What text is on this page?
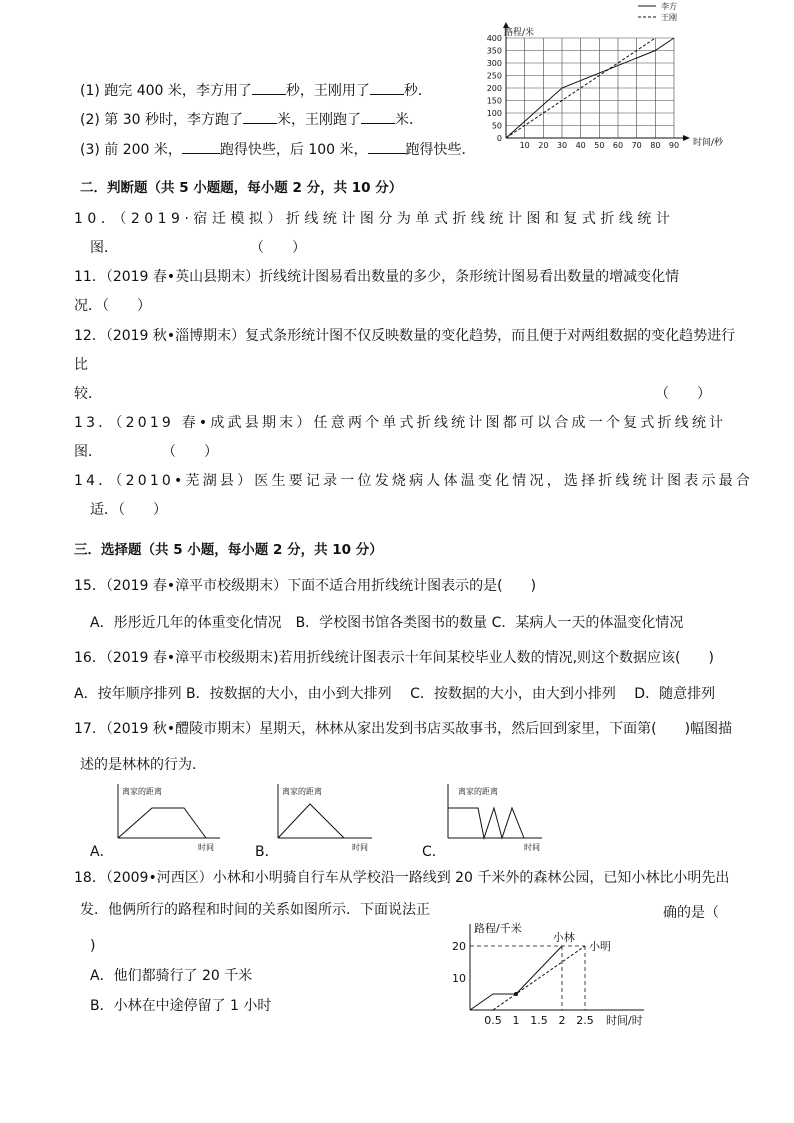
10 20 30 40 50 60 70 80 90
0
50
100
150
200
250
300
350
400
李方
王刚
路程/米
时间/秒
(1) 跑完 400 米，李方用了 秒，王刚用了 秒．
(2) 第 30 秒时，李方跑了 米，王刚跑了 米．
(3) 前 200 米，	跑得快些，后 100 米，	跑得快些．
二．判断题（共 5 小题题，每小题 2 分，共 10 分）
10．（2019·宿迁模拟）折线统计图分为单式折线统计图和复式折线统计
图．	（　　）
11．（2019 春•英山县期末）折线统计图易看出数量的多少，条形统计图易看出数量的增减变化情
况．（　　）
12．（2019 秋•淄博期末）复式条形统计图不仅反映数量的变化趋势，而且便于对两组数据的变化趋势进行
比
较．	（　　）
13．（2019 春•成武县期末）任意两个单式折线统计图都可以合成一个复式折线统计
图．	（　　）
14．（2010•芜湖县）医生要记录一位发烧病人体温变化情况，选择折线统计图表示最合
适．（　　）
三．选择题（共 5 小题，每小题 2 分，共 10 分）
15．（2019 春•漳平市校级期末）下面不适合用折线统计图表示的是(　　)
A．彤彤近几年的体重变化情况　B．学校图书馆各类图书的数量 C．某病人一天的体温变化情况
16．（2019 春•漳平市校级期末)若用折线统计图表示十年间某校毕业人数的情况,则这个数据应该(　　)
A．按年顺序排列 B．按数据的大小，由小到大排列　 C．按数据的大小，由大到小排列　 D．随意排列
17．（2019 秋•醴陵市期末）星期天，林林从家出发到书店买故事书，然后回到家里，下面第(　　)幅图描
述的是林林的行为．
离家的距离
时间
离家的距离
时间
离家的距离
时间
A．	B．	C．
18．（2009•河西区）小林和小明骑自行车从学校沿一路线到 20 千米外的森林公园，已知小林比小明先出
发．他俩所行的路程和时间的关系如图所示．下面说法正	确的是（
)
A．他们都骑行了 20 千米
B．小林在中途停留了 1 小时
0.5 1 1.5 2 2.5
10
20
小林
小明
路程/千米
时间/时
